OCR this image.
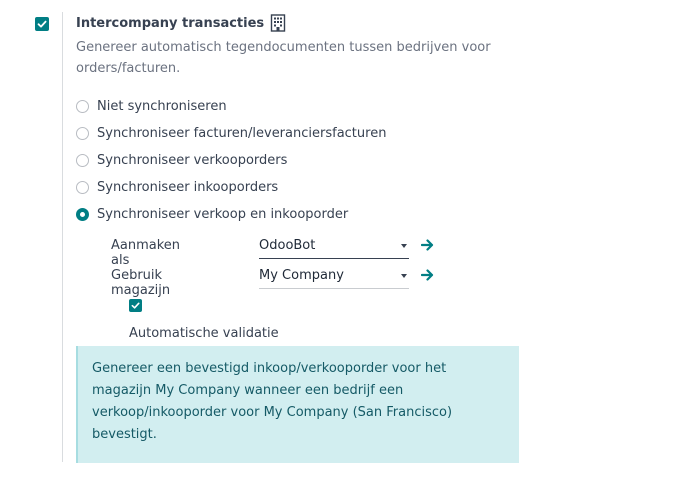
Intercompany transacties
Genereer automatisch tegendocumenten tussen bedrijven voor orders/facturen.
Niet synchroniseren
Synchroniseer facturen/leveranciersfacturen
Synchroniseer verkooporders
Synchroniseer inkooporders
Synchroniseer verkoop en inkooporder
Aanmaken als
OdooBot
Gebruik magazijn
My Company
Automatische validatie
Genereer een bevestigd inkoop/verkooporder voor het magazijn My Company wanneer een bedrijf een verkoop/inkooporder voor My Company (San Francisco) bevestigt.
